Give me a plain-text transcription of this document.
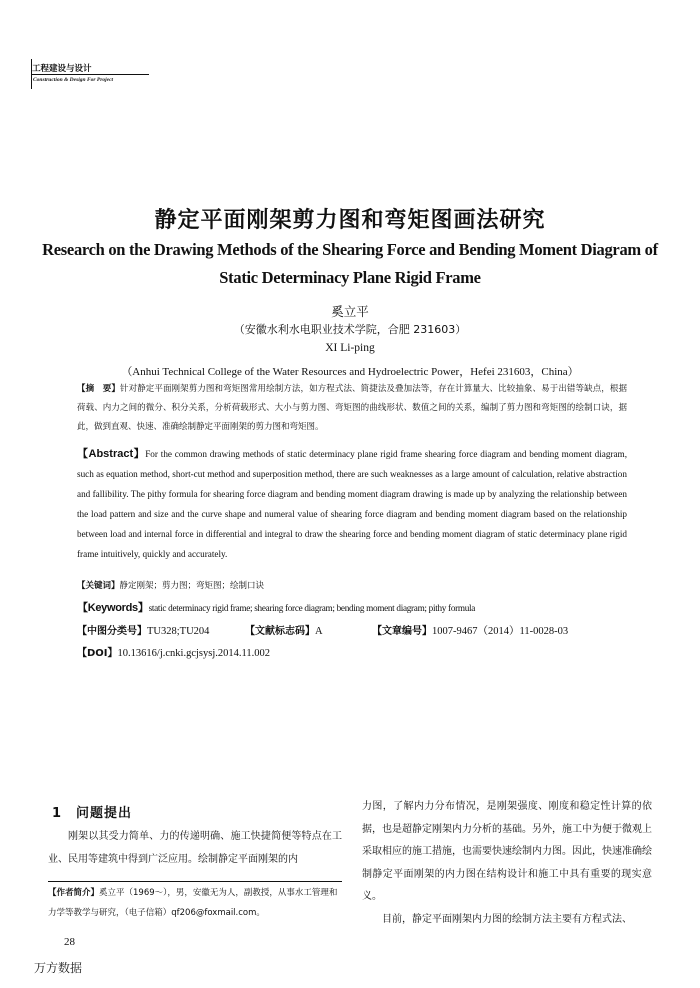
工程建设与设计
Construction & Design For Project
静定平面刚架剪力图和弯矩图画法研究
Research on the Drawing Methods of the Shearing Force and Bending Moment Diagram of
Static Determinacy Plane Rigid Frame
奚立平
（安徽水利水电职业技术学院，合肥 231603）
XI Li-ping
（Anhui Technical College of the Water Resources and Hydroelectric Power，Hefei 231603，China）
【摘　要】针对静定平面刚架剪力图和弯矩图常用绘制方法，如方程式法、简捷法及叠加法等，存在计算量大、比较抽象、易于出错等缺点，根据荷载、内力之间的微分、积分关系，分析荷载形式、大小与剪力图、弯矩图的曲线形状、数值之间的关系，编制了剪力图和弯矩图的绘制口诀，据此，做到直观、快速、准确绘制静定平面刚架的剪力图和弯矩图。
【Abstract】For the common drawing methods of static determinacy plane rigid frame shearing force diagram and bending moment diagram, such as equation method, short-cut method and superposition method, there are such weaknesses as a large amount of calculation, relative abstraction and fallibility. The pithy formula for shearing force diagram and bending moment diagram drawing is made up by analyzing the relationship between the load pattern and size and the curve shape and numeral value of shearing force diagram and bending moment diagram based on the relationship between load and internal force in differential and integral to draw the shearing force and bending moment diagram of static determinacy plane rigid frame intuitively, quickly and accurately.
【关键词】静定刚架；剪力图；弯矩图；绘制口诀
【Keywords】static determinacy rigid frame; shearing force diagram; bending moment diagram; pithy formula
【中图分类号】TU328;TU204	【文献标志码】A	【文章编号】1007-9467（2014）11-0028-03
【DOI】10.13616/j.cnki.gcjsysj.2014.11.002
1　问题提出
刚架以其受力简单、力的传递明确、施工快捷简便等特点在工业、民用等建筑中得到广泛应用。绘制静定平面刚架的内
【作者简介】奚立平（1969～），男，安徽无为人，副教授，从事水工管理和力学等教学与研究，（电子信箱）qf206@foxmail.com。
力图，了解内力分布情况，是刚架强度、刚度和稳定性计算的依据，也是超静定刚架内力分析的基础。另外，施工中为便于微观上采取相应的施工措施，也需要快速绘制内力图。因此，快速准确绘制静定平面刚架的内力图在结构设计和施工中具有重要的现实意义。
目前，静定平面刚架内力图的绘制方法主要有方程式法、
28
万方数据
